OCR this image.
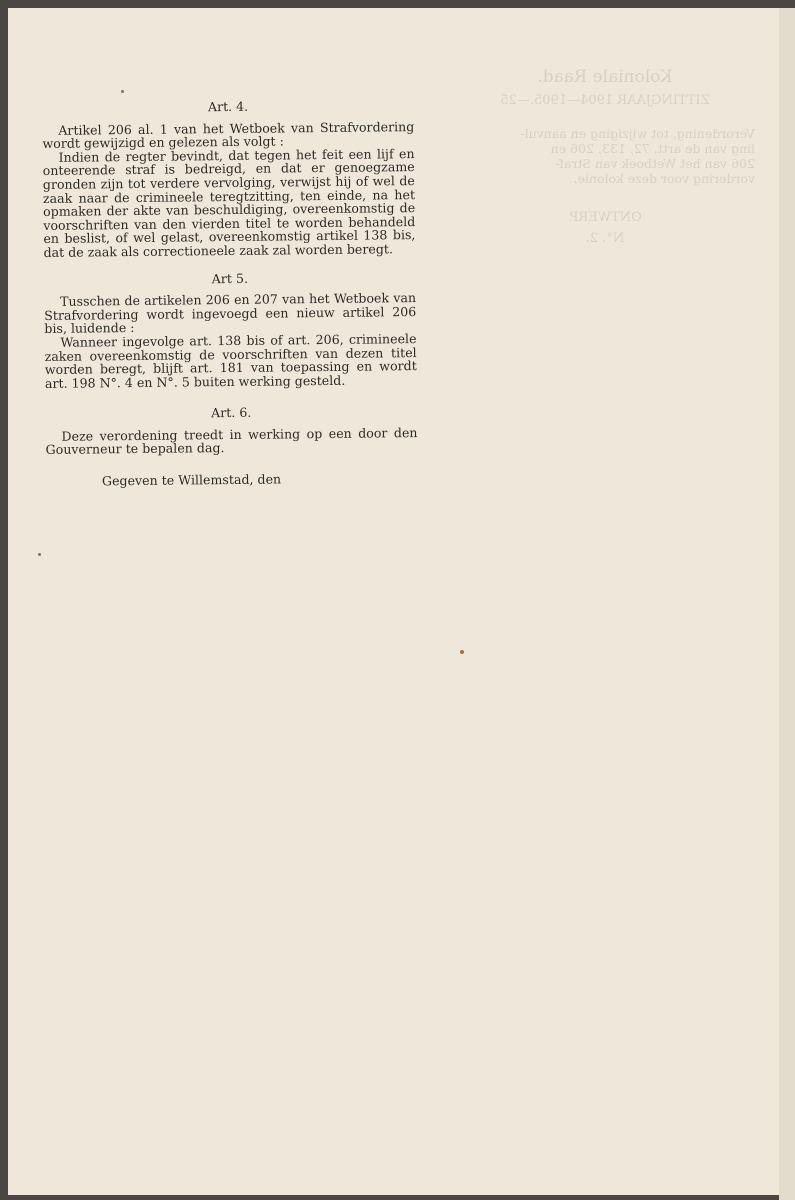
Koloniale Raad.

ZITTINGJAAR 1904—1905.—25

Verordening, tot wijziging en aanvul-

ling van de artt. 72, 133, 206 en

206 van het Wetboek van Straf-

vordering voor deze kolonie.

ONTWERP.

N°. 2.

Art. 4.

Artikel 206 al. 1 van het Wetboek van Strafvordering wordt gewijzigd en gelezen als volgt :

Indien de regter bevindt, dat tegen het feit een lijf en onteerende straf is bedreigd, en dat er genoegzame gronden zijn tot verdere vervolging, verwijst hij of wel de zaak naar de crimineele teregtzitting, ten einde, na het opmaken der akte van beschuldiging, overeenkomstig de voorschriften van den vierden titel te worden behandeld en beslist, of wel gelast, overeenkomstig artikel 138 bis, dat de zaak als correctioneele zaak zal worden beregt.

Art 5.

Tusschen de artikelen 206 en 207 van het Wetboek van Strafvordering wordt ingevoegd een nieuw artikel 206 bis, luidende :

Wanneer ingevolge art. 138 bis of art. 206, crimineele zaken overeenkomstig de voorschriften van dezen titel worden beregt, blijft art. 181 van toepassing en wordt art. 198 N°. 4 en N°. 5 buiten werking gesteld.

Art. 6.

Deze verordening treedt in werking op een door den Gouverneur te bepalen dag.

Gegeven te Willemstad, den
